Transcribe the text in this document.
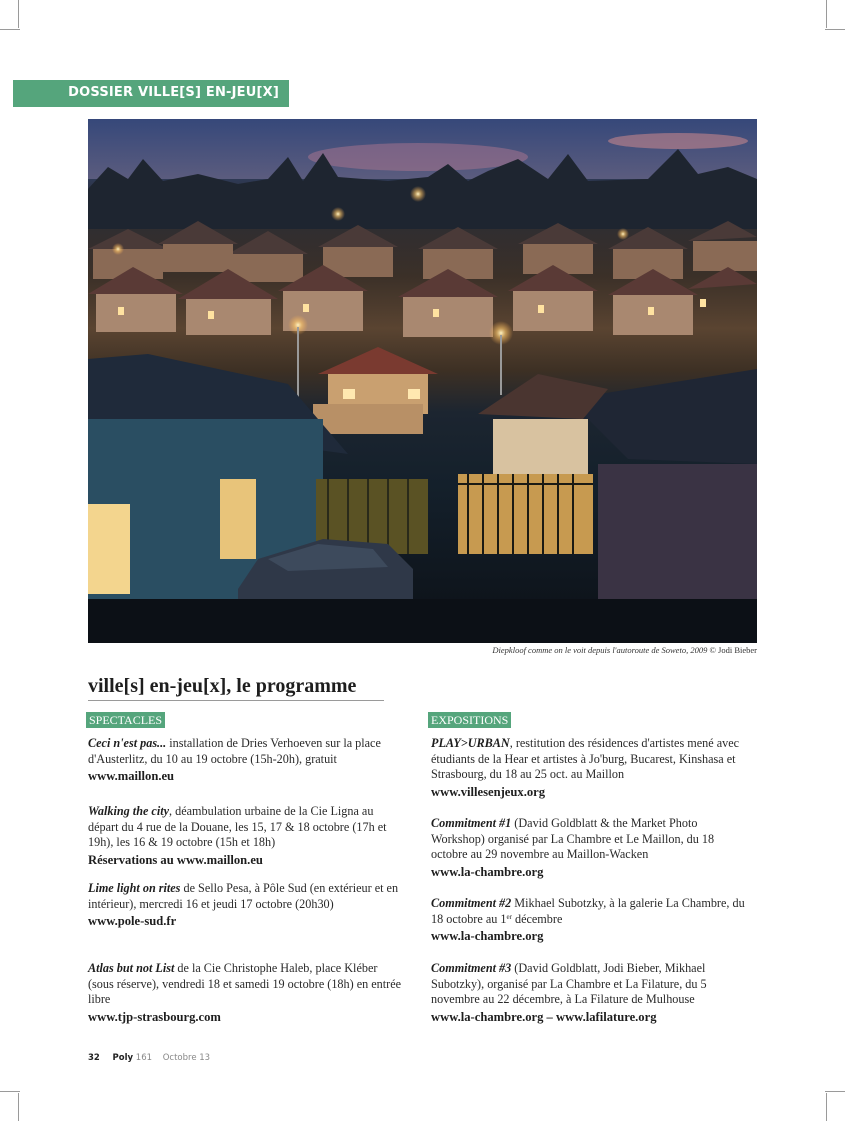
DOSSIER VILLE[S] EN-JEU[X]
Diepkloof comme on le voit depuis l'autoroute de Soweto, 2009 © Jodi Bieber
ville[s] en-jeu[x], le programme
SPECTACLES
Ceci n'est pas... installation de Dries Verhoeven sur la place d'Austerlitz, du 10 au 19 octobre (15h-20h), gratuit
www.maillon.eu
Walking the city, déambulation urbaine de la Cie Ligna au départ du 4 rue de la Douane, les 15, 17 & 18 octobre (17h et 19h), les 16 & 19 octobre (15h et 18h)
Réservations au www.maillon.eu
Lime light on rites de Sello Pesa, à Pôle Sud (en extérieur et en intérieur), mercredi 16 et jeudi 17 octobre (20h30)
www.pole-sud.fr
Atlas but not List de la Cie Christophe Haleb, place Kléber (sous réserve), vendredi 18 et samedi 19 octobre (18h) en entrée libre
www.tjp-strasbourg.com
EXPOSITIONS
PLAY>URBAN, restitution des résidences d'artistes mené avec étudiants de la Hear et artistes à Jo'burg, Bucarest, Kinshasa et Strasbourg, du 18 au 25 oct. au Maillon
www.villesenjeux.org
Commitment #1 (David Goldblatt & the Market Photo Workshop) organisé par La Chambre et Le Maillon, du 18 octobre au 29 novembre au Maillon-Wacken
www.la-chambre.org
Commitment #2 Mikhael Subotzky, à la galerie La Chambre, du 18 octobre au 1er décembre
www.la-chambre.org
Commitment #3 (David Goldblatt, Jodi Bieber, Mikhael Subotzky), organisé par La Chambre et La Filature, du 5 novembre au 22 décembre, à La Filature de Mulhouse
www.la-chambre.org – www.lafilature.org
32 Poly 161 Octobre 13
